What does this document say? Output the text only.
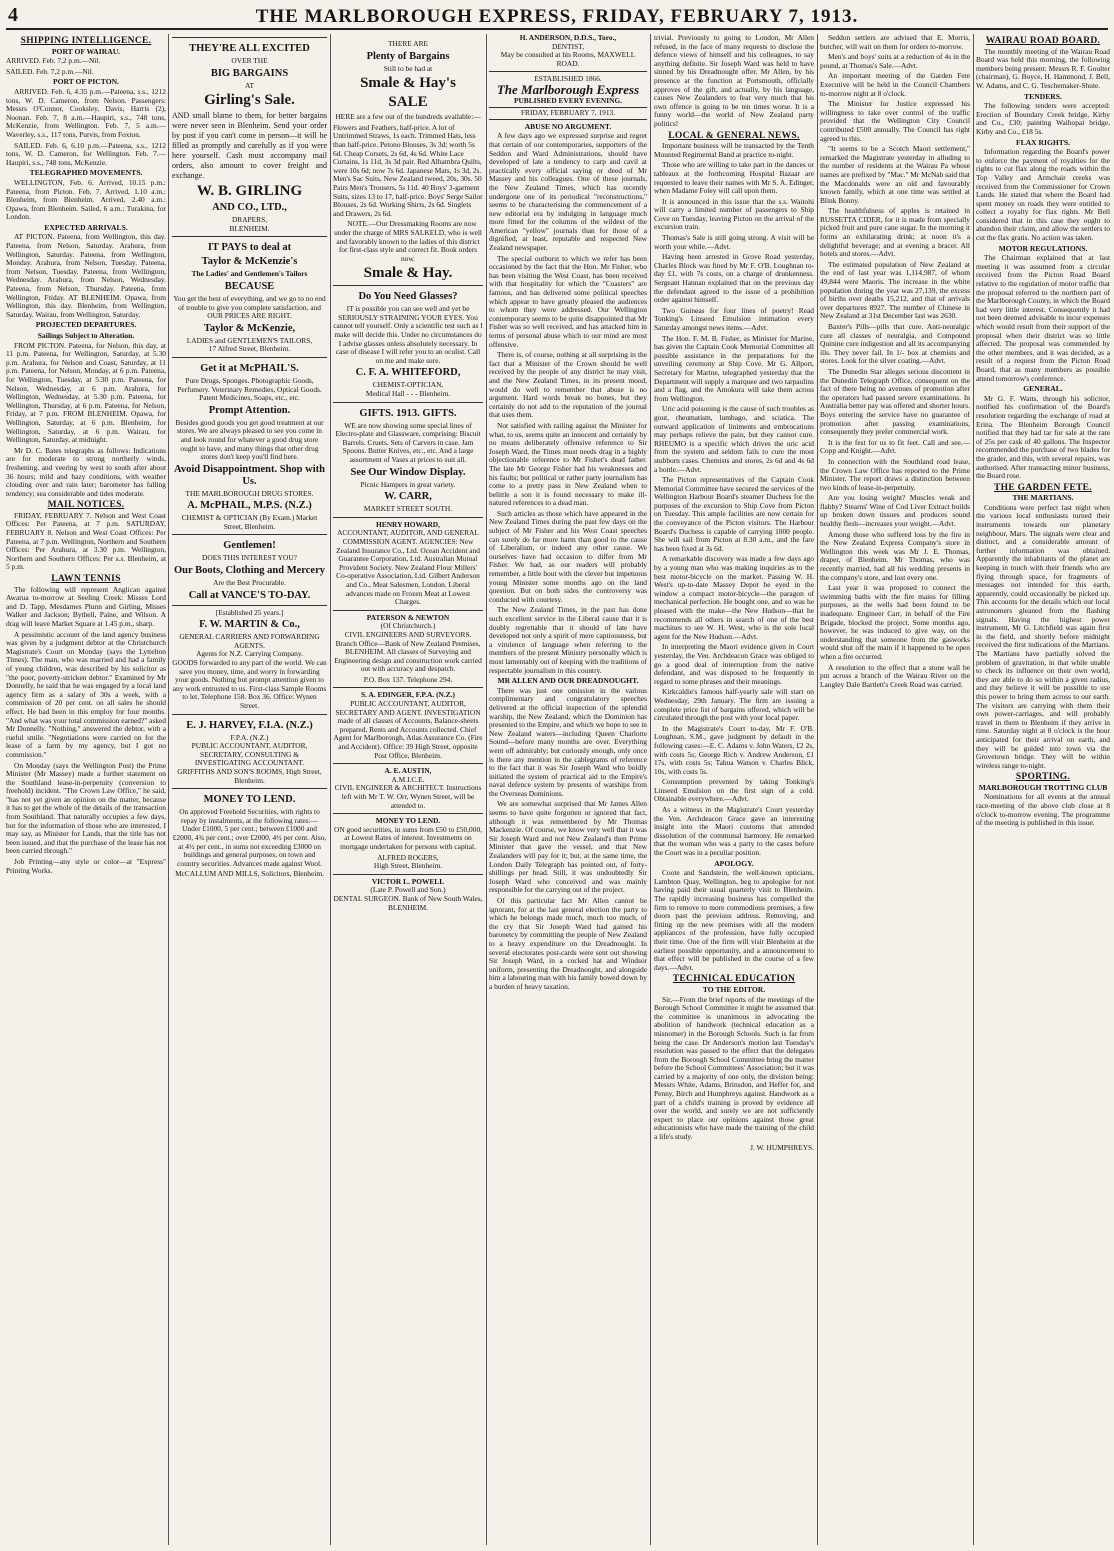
4	THE MARLBOROUGH EXPRESS, FRIDAY, FEBRUARY 7, 1913.
SHIPPING INTELLIGENCE.
PORT OF WAIRAU.

ARRIVED. Feb. 7,2 p.m.—Nil.

SAILED. Feb. 7,2 p.m.—Nil.

PORT OF PICTON.

ARRIVED. Feb. 6, 4.35 p.m.—Pateena, s.s., 1212 tons, W. D. Cameron, from Nelson. Passengers: Messrs O'Connor, Cooksley, Davis, Harris (2), Noonan. Feb. 7, 8 a.m.—Haupiri, s.s., 748 tons, McKenzie, from Wellington. Feb. 7, 5 a.m.—Waverley, s.s., 117 tons, Purvis, from Foxton.

SAILED. Feb. 6, 6.10 p.m.—Pateena, s.s., 1212 tons, W. D. Cameron, for Wellington. Feb. 7.—Haupiri, s.s., 748 tons, McKenzie.

TELEGRAPHED MOVEMENTS.

WELLINGTON, Feb. 6. Arrived, 10.15 p.m.: Pateena, from Picton. Feb. 7. Arrived, 1.10 a.m.: Blenheim, from Blenheim. Arrived, 2.40 a.m.: Opawa, from Blenheim. Sailed, 6 a.m.: Turakina, for London.

EXPECTED ARRIVALS.

AT PICTON. Pateena, from Wellington, this day. Pateena, from Nelson, Saturday. Arahura, from Wellington, Saturday. Pateena, from Wellington, Monday. Arahura, from Nelson, Tuesday. Pateena, from Nelson, Tuesday. Pateena, from Wellington, Wednesday. Arahura, from Nelson, Wednesday. Pateena, from Nelson, Thursday. Pateena, from Wellington, Friday. AT BLENHEIM. Opawa, from Wellington, this day. Blenheim, from Wellington, Saturday. Wairau, from Wellington, Saturday.

PROJECTED DEPARTURES.
Sailings Subject to Alteration.

FROM PICTON. Pateena, for Nelson, this day, at 11 p.m. Pateena, for Wellington, Saturday, at 5.30 p.m. Arahura, for Nelson and Coast, Saturday, at 11 p.m. Pateena, for Nelson, Monday, at 6 p.m. Pateena, for Wellington, Tuesday, at 5.30 p.m. Pateena, for Nelson, Wednesday, at 6 p.m. Arahura, for Wellington, Wednesday, at 5.30 p.m. Pateena, for Wellington, Thursday, at 6 p.m. Pateena, for Nelson, Friday, at 7 p.m. FROM BLENHEIM. Opawa, for Wellington, Saturday, at 6 p.m. Blenheim, for Wellington, Saturday, at 6 p.m. Wairau, for Wellington, Saturday, at midnight.

Mr D. C. Bates telegraphs as follows: Indications are for moderate to strong northerly winds, freshening, and veering by west to south after about 36 hours; mild and hazy conditions, with weather clouding over and rain later; barometer has falling tendency; sea considerable and tides moderate.

MAIL NOTICES.

FRIDAY, FEBRUARY 7. Nelson and West Coast Offices: Per Pateena, at 7 p.m. SATURDAY, FEBRUARY 8. Nelson and West Coast Offices: Per Pateena, at 7 p.m. Wellington, Northern and Southern Offices: Per Arahura, at 3.30 p.m. Wellington, Northern and Southern Offices: Per s.s. Blenheim, at 5 p.m.

LAWN TENNIS

The following will represent Anglican against Awarua to-morrow at Seeling Creek: Misses Lord and D. Tapp, Mesdames Plunn and Girling, Misses Walker and Jackson; Bythell, Paine, and Wilson. A drag will leave Market Square at 1.45 p.m., sharp.

A pessimistic account of the land agency business was given by a judgment debtor at the Christchurch Magistrate's Court on Monday (says the Lyttelton Times). The man, who was married and had a family of young children, was described by his solicitor as "the poor, poverty-stricken debtor." Examined by Mr Donnelly, he said that he was engaged by a local land agency firm as a salary of 30s a week, with a commission of 20 per cent. on all sales he should effect. He had been in this employ for four months. "And what was your total commission earned?" asked Mr Donnelly. "Nothing," answered the debtor, with a rueful smile. "Negotiations were carried on for the lease of a farm by my agency, but I got no commission."

On Monday (says the Wellington Post) the Prime Minister (Mr Massey) made a further statement on the Southland lease-in-perpetuity (conversion to freehold) incident. "The Crown Law Office," he said, "has not yet given an opinion on the matter, because it has to get the whole of the details of the transaction from Southland. That naturally occupies a few days, but for the information of those who are interested, I may say, as Minister for Lands, that the title has not been issued, and that the purchase of the lease has not been carried through."

Job Printing—any style or color—at "Express" Printing Works.

THEY'RE ALL EXCITED
OVER THE
BIG BARGAINS
AT
Girling's Sale.

AND small blame to them, for better bargains were never seen in Blenheim. Send your order by post if you can't come in person—it will be filled as promptly and carefully as if you were here yourself. Cash must accompany mail orders, also amount to cover freight and exchange.

W. B. GIRLING
AND CO., LTD.,
DRAPERS,
BLENHEIM.
IT PAYS to deal at
Taylor & McKenzie's
The Ladies' and Gentlemen's Tailors
BECAUSE

You get the best of everything, and we go to no end of trouble to give you complete satisfaction, and OUR PRICES ARE RIGHT.

Taylor & McKenzie,
LADIES and GENTLEMEN'S TAILORS,
17 Alfred Street, Blenheim.
Get it at McPHAIL'S.

Pure Drugs, Sponges. Photographic Goods, Perfumery. Veterinary Remedies, Optical Goods. Patent Medicines, Soaps, etc., etc.

Prompt Attention.

Besides good goods you get good treatment at our stores. We are always pleased to see you come in and look round for whatever a good drug store ought to have, and many things that other drug stores don't keep you'll find here.

Avoid Disappointment. Shop with Us.
THE MARLBOROUGH DRUG STORES.
A. McPHAIL, M.P.S. (N.Z.)
CHEMIST & OPTICIAN (By Exam.) Market Street, Blenheim.
Gentlemen!
DOES THIS INTEREST YOU?
Our Boots, Clothing and Mercery
Are the Best Procurable.
Call at VANCE'S TO-DAY.
[Established 25 years.]
F. W. MARTIN & Co.,
GENERAL CARRIERS AND FORWARDING AGENTS.
Agents for N.Z. Carrying Company.

GOODS forwarded to any part of the world. We can save you money, time, and worry in forwarding your goods. Nothing but prompt attention given to any work entrusted to us. First-class Sample Rooms to let. Telephone 158. Box 36. Office: Wynen Street.

E. J. HARVEY, F.I.A. (N.Z.)
F.P.A. (N.Z.)
PUBLIC ACCOUNTANT, AUDITOR, SECRETARY, CONSULTING & INVESTIGATING ACCOUNTANT.
GRIFFITHS AND SON'S ROOMS, High Street, Blenheim.
MONEY TO LEND.

On approved Freehold Securities, with rights to repay by instalments, at the following rates:—Under £1000, 5 per cent.; between £1000 and £2000, 4¾ per cent.; over £2000, 4½ per cent. Also, at 4½ per cent., in sums not exceeding £3000 on buildings and general purposes, on town and country securities. Advances made against Wool.

McCALLUM AND MILLS, Solicitors, Blenheim.
THERE ARE
Plenty of Bargains
Still to be had at
Smale & Hay's
SALE

HERE are a few out of the hundreds available:—

Flowers and Feathers, half-price. A lot of Untrimmed Straws, 1s each. Trimmed Hats, less than half-price. Petono Blouses, 3s 3d; worth 5s 6d. Cheap Corsets, 2s 6d, 4s 6d. White Lace Curtains, 1s 11d, 3s 3d pair. Red Alhambra Quilts, were 10s 6d; now 7s 6d. Japanese Mats, 1s 3d, 2s. Men's Sac Suits, New Zealand tweed, 20s, 30s. 50 Pairs Men's Trousers, 5s 11d. 40 Boys' 3-garment Suits, sizes 13 to 17, half-price. Boys' Serge Sailor Blouses, 2s 6d. Working Shirts, 2s 6d. Singlets and Drawers, 2s 6d.

NOTE.—Our Dressmaking Rooms are now under the charge of MRS SALKELD, who is well and favorably known to the ladies of this district for first-class style and correct fit. Book orders now.

Smale & Hay.
Do You Need Glasses?

IT is possible you can see well and yet be SERIOUSLY STRAINING YOUR EYES. You cannot tell yourself. Only a scientific test such as I make will decide this. Under no circumstances do I advise glasses unless absolutely necessary. In case of disease I will refer you to an oculist. Call on me and make sure.

C. F. A. WHITEFORD,
CHEMIST-OPTICIAN,
Medical Hall - - - Blenheim.
GIFTS. 1913. GIFTS.

WE are now showing some special lines of Electro-plate and Glassware, comprising: Biscuit Barrels. Cruets. Sets of Carvers in case. Jam Spoons. Butter Knives, etc., etc. And a large assortment of Vases at prices to suit all.

See Our Window Display.
Picnic Hampers in great variety.
W. CARR,
MARKET STREET SOUTH.
HENRY HOWARD,

ACCOUNTANT, AUDITOR, AND GENERAL COMMISSION AGENT. AGENCIES: New Zealand Insurance Co., Ltd. Ocean Accident and Guarantee Corporation, Ltd. Australian Mutual Provident Society. New Zealand Flour Millers' Co-operative Association, Ltd. Gilbert Anderson and Co., Meat Salesmen, London. Liberal advances made on Frozen Meat at Lowest Charges.

PATERSON & NEWTON
(Of Christchurch.)

CIVIL ENGINEERS AND SURVEYORS. Branch Office—Bank of New Zealand Premises, BLENHEIM. All classes of Surveying and Engineering design and construction work carried out with accuracy and despatch.

P.O. Box 137. Telephone 294.
S. A. EDINGER, F.P.A. (N.Z.)

PUBLIC ACCOUNTANT, AUDITOR, SECRETARY AND AGENT. INVESTIGATION made of all classes of Accounts, Balance-sheets prepared, Rents and Accounts collected. Chief Agent for Marlborough, Atlas Assurance Co. (Fire and Accident). Office: 39 High Street, opposite Post Office, Blenheim.

A. E. AUSTIN,
A.M.I.C.E.

CIVIL ENGINEER & ARCHITECT. Instructions left with Mr T. W. Orr, Wynen Street, will be attended to.

MONEY TO LEND.

ON good securities, in sums from £50 to £50,000, at Lowest Rates of interest. Investments on mortgage undertaken for persons with capital.

ALFRED ROGERS,
High Street, Blenheim.
VICTOR L. POWELL
(Late P. Powell and Son.)

DENTAL SURGEON. Bank of New South Wales, BLENHEIM.

H. ANDERSON, D.D.S., Toro.,
DENTIST,
May be consulted at his Rooms, MAXWELL ROAD.
ESTABLISHED 1866.
The Marlborough Express
PUBLISHED EVERY EVENING.
FRIDAY, FEBRUARY 7, 1913.
ABUSE NO ARGUMENT.

A few days ago we expressed surprise and regret that certain of our contemporaries, supporters of the Seddon and Ward Administrations, should have developed of late a tendency to carp and cavil at practically every official saying or deed of Mr Massey and his colleagues. One of these journals, the New Zealand Times, which has recently undergone one of its periodical "reconstructions," seems to be characterising the commencement of a new editorial era by indulging in language much more fitted for the columns of the wildest of the American "yellow" journals than for those of a dignified, at least, reputable and respected New Zealand newspaper.

The special outburst to which we refer has been occasioned by the fact that the Hon. Mr Fisher, who has been visiting the West Coast, has been received with that hospitality for which the "Coasters" are famous, and has delivered some political speeches which appear to have greatly pleased the audiences to whom they were addressed. Our Wellington contemporary seems to be quite disappointed that Mr Fisher was so well received, and has attacked him in terms of personal abuse which to our mind are most offensive.

There is, of course, nothing at all surprising in the fact that a Minister of the Crown should be well received by the people of any district he may visit, and the New Zealand Times, in its present mood, would do well to remember that abuse is no argument. Hard words break no bones, but they certainly do not add to the reputation of the journal that uses them.

Not satisfied with railing against the Minister for what, to us, seems quite an innocent and certainly by no means deliberately offensive reference to Sir Joseph Ward, the Times must needs drag in a highly objectionable reference to Mr Fisher's dead father. The late Mr George Fisher had his weaknesses and his faults; but political or rather party journalism has come to a pretty pass in New Zealand when to belittle a son it is found necessary to make ill-natured references to a dead man.

Such articles as those which have appeared in the New Zealand Times during the past few days on the subject of Mr Fisher and his West Coast speeches can surely do far more harm than good to the cause of Liberalism, or indeed any other cause. We ourselves have had occasion to differ from Mr Fisher. We had, as our readers will probably remember, a little bout with the clever but impetuous young Minister some months ago on the land question. But on both sides the controversy was conducted with courtesy.

The New Zealand Times, in the past has done such excellent service in the Liberal cause that it is doubly regrettable that it should of late have developed not only a spirit of mere captiousness, but a virulence of language when referring to the members of the present Ministry personally which is most lamentably out of keeping with the traditions of respectable journalism in this country.

MR ALLEN AND OUR DREADNOUGHT.

There was just one omission in the various complimentary and congratulatory speeches delivered at the official inspection of the splendid warship, the New Zealand, which the Dominion has presented to the Empire, and which we hope to see in New Zealand waters—including Queen Charlotte Sound—before many months are over. Everything went off admirably; but curiously enough, only once is there any mention in the cablegrams of reference to the fact that it was Sir Joseph Ward who boldly initiated the system of practical aid to the Empire's naval defence system by presents of warships from the Overseas Dominions.

We are somewhat surprised that Mr James Allen seems to have quite forgotten or ignored that fact, although it was remembered by Mr Thomas Mackenzie. Of course, we know very well that it was Sir Joseph Ward and not New Zealand's then Prime Minister that gave the vessel, and that New Zealanders will pay for it; but, at the same time, the London Daily Telegraph has pointed out, of forty-shillings per head. Still, it was undoubtedly Sir Joseph Ward who conceived and was mainly responsible for the carrying out of the project.

Of this particular fact Mr Allen cannot be ignorant, for at the last general election the party to which he belongs made much, much too much, of the cry that Sir Joseph Ward had gained his baronetcy by committing the people of New Zealand to a heavy expenditure on the Dreadnought. In several electorates post-cards were sent out showing Sir Joseph Ward, in a cocked hat and Windsor uniform, presenting the Dreadnought, and alongside him a labouring man with his family bowed down by a burden of heavy taxation.

trivial. Previously to going to London, Mr Allen refused, in the face of many requests to disclose the defence views of himself and his colleagues, to say anything definite. Sir Joseph Ward was held to have sinned by his Dreadnought offer. Mr Allen, by his presence at the function at Portsmouth, officially approves of the gift, and actually, by his language, causes New Zealanders to fear very much that his own offence is going to be ten times worse. It is a funny world—the world of New Zealand party politics!

LOCAL & GENERAL NEWS.

Important business will be transacted by the Tenth Mounted Regimental Band at practice to-night.

Those who are willing to take part in the dances or tableaux at the forthcoming Hospital Bazaar are requested to leave their names with Mr S. A. Edinger, when Madame Foley will call upon them.

It is announced in this issue that the s.s. Waitohi will carry a limited number of passengers to Ship Cove on Tuesday, leaving Picton on the arrival of the excursion train.

Thomas's Sale is still going strong. A visit will be worth your while.—Advt.

Having been arrested in Grove Road yesterday, Charles Block was fined by Mr F. O'B. Loughnan to-day £1, with 7s costs, on a charge of drunkenness. Sergeant Hannan explained that on the previous day the defendant agreed to the issue of a prohibition order against himself.

Two Guineas for four lines of poetry! Read Tonking's Linseed Emulsion intimation every Saturday amongst news items.—Advt.

The Hon. F. M. B. Fisher, as Minister for Marine, has given the Captain Cook Memorial Committee all possible assistance in the preparations for the unveiling ceremony at Ship Cove. Mr G. Allport, Secretary for Marine, telegraphed yesterday that the Department will supply a marquee and two tarpaulins and a flag, and the Amokura will take them across from Wellington.

Uric acid poisoning is the cause of such troubles as gout, rheumatism, lumbago, and sciatica. The outward application of liniments and embrocations may perhaps relieve the pain, but they cannot cure. RHEUMO is a specific which drives the uric acid from the system and seldom fails to cure the most stubborn cases. Chemists and stores, 2s 6d and 4s 6d a bottle.—Advt.

The Picton representatives of the Captain Cook Memorial Committee have secured the services of the Wellington Harbour Board's steamer Duchess for the purposes of the excursion to Ship Cove from Picton on Tuesday. This ample facilities are now certain for the conveyance of the Picton visitors. The Harbour Board's Duchess is capable of carrying 1000 people. She will sail from Picton at 8.30 a.m., and the fare has been fixed at 3s 6d.

A remarkable discovery was made a few days ago by a young man who was making inquiries as to the best motor-bicycle on the market. Passing W. H. West's up-to-date Massey Depot he eyed in the window a compact motor-bicycle—the paragon of mechanical perfection. He bought one, and so was he pleased with the make—the New Hudson—that he recommends all others in search of one of the best machines to see W. H. West, who is the sole local agent for the New Hudson.—Advt.

In interpreting the Maori evidence given in Court yesterday, the Ven. Archdeacon Grace was obliged to go a good deal of interruption from the native defendant, and was disposed to be frequently in regard to some phrases and their meanings.

Kirkcaldie's famous half-yearly sale will start on Wednesday, 29th January. The firm are issuing a complete price list of bargains offered, which will be circulated through the post with your local paper.

In the Magistrate's Court to-day, Mr F. O'B. Loughnan, S.M., gave judgment by default in the following cases:—E. C. Adams v. John Waters, £2 2s, with costs 5s; George Rich v. Andrew Anderson, £1 17s, with costs 5s; Tahua Watson v. Charles Blick, 10s, with costs 5s.

Consumption prevented by taking Tonking's Linseed Emulsion on the first sign of a cold. Obtainable everywhere.—Advt.

As a witness in the Magistrate's Court yesterday the Ven. Archdeacon Grace gave an interesting insight into the Maori customs that attended dissolution of the communal harmony. He remarked that the woman who was a party to the cases before the Court was in a peculiar position.

APOLOGY.

Coote and Sandstein, the well-known opticians, Lambton Quay, Wellington, beg to apologise for not having paid their usual quarterly visit to Blenheim. The rapidly increasing business has compelled the firm to remove to more commodious premises, a few doors past the previous address. Removing, and fitting up the new premises with all the modern appliances of the profession, have fully occupied their time. One of the firm will visit Blenheim at the earliest possible opportunity, and a announcement to that effect will be published in the course of a few days.—Advt.

TECHNICAL EDUCATION
TO THE EDITOR.

Sir,—From the brief reports of the meetings of the Borough School Committee it might be assumed that the committee is unanimous in advocating the abolition of handwork (technical education as a misnomer) in the Borough Schools. Such is far from being the case. Dr Anderson's motion last Tuesday's resolution was passed to the effect that the delegates from the Borough School Committee bring the matter before the School Committees' Association; but it was carried by a majority of one only, the division being: Messrs White, Adams, Brinsdon, and Heffer for, and Penny, Birch and Humphreys against. Handwork as a part of a child's training is proved by evidence all over the world, and surely we are not sufficiently expert to place our opinions against those great educationists who have made the training of the child a life's study.

J. W. HUMPHREYS.

Seddon settlers are advised that E. Morris, butcher, will wait on them for orders to-morrow.

Men's and boys' suits at a reduction of 4s in the pound, at Thomas's Sale.—Advt.

An important meeting of the Garden Fete Executive will be held in the Council Chambers to-morrow night at 8 o'clock.

The Minister for Justice expressed his willingness to take over control of the traffic provided that the Wellington City Council contributed £500 annually. The Council has right agreed to this.

"It seems to be a Scotch Maori settlement," remarked the Magistrate yesterday in alluding to the number of residents at the Wairau Pa whose names are prefixed by "Mac." Mr McNab said that the Macdonalds were an old and favourably known family, which at one time was settled at Blink Bonny.

The healthfulness of apples is retained in RUSSETTA CIDER, for it is made from specially picked fruit and pure cane sugar. In the morning it forms an exhilarating drink; at noon it's a delightful beverage; and at evening a bracer. All hotels and stores.—Advt.

The estimated population of New Zealand at the end of last year was 1,114,987, of whom 49,844 were Maoris. The increase in the white population during the year was 27,139, the excess of births over deaths 15,212, and that of arrivals over departures 8927. The number of Chinese in New Zealand at 31st December last was 2630.

Baxter's Pills—pills that cure. Anti-neuralgic cure all classes of neuralgia, and Compound Quinine cure indigestion and all its accompanying ills. They never fail. In 1/- box at chemists and stores. Look for the silver coating.—Advt.

The Dunedin Star alleges serious discontent in the Dunedin Telegraph Office, consequent on the fact of there being no avenues of promotion after the operators had passed severe examinations. In Australia better pay was offered and shorter hours. Boys entering the service have no guarantee of promotion after passing examinations, consequently they prefer commercial work.

It is the fest for us to fit feet. Call and see.—Copp and Knight.—Advt.

In connection with the Southland road lease, the Crown Law Office has reported to the Prime Minister. The report draws a distinction between two kinds of lease-in-perpetuity.

Are you losing weight? Muscles weak and flabby? Stearns' Wine of Cod Liver Extract builds up broken down tissues and produces sound healthy flesh—increases your weight.—Advt.

Among those who suffered loss by the fire in the New Zealand Express Company's store in Wellington this week was Mr J. E. Thomas, draper, of Blenheim. Mr Thomas, who was recently married, had all his wedding presents in the company's store, and lost every one.

Last year it was proposed to connect the swimming baths with the fire mains for filling purposes, as the wells had been found to be inadequate. Engineer Carr, in behalf of the Fire Brigade, blocked the project. Some months ago, however, he was induced to give way, on the understanding that someone from the gasworks would shut off the main if it happened to be open when a fire occurred.

A resolution to the effect that a stone wall be put across a branch of the Wairau River on the Langley Dale Bartlett's Creek Road was carried.

WAIRAU ROAD BOARD.

The monthly meeting of the Wairau Road Board was held this morning, the following members being present: Messrs R. F. Goulter (chairman), G. Boyce, H. Hammond, J. Bell, W. Adams, and C. G. Teschemaker-Shute.

TENDERS.

The following tenders were accepted: Erection of Boundary Creek bridge, Kirby and Co., £30; painting Waihopai bridge, Kirby and Co., £18 5s.

FLAX RIGHTS.

Information regarding the Board's power to enforce the payment of royalties for the rights to cut flax along the roads within the Top Valley and Armchair creeks was received from the Commissioner for Crown Lands. He stated that where the Board had spent money on roads they were entitled to collect a royalty for flax rights. Mr Bell considered that in this case they ought to abandon their claim, and allow the settlers to cut the flax gratis. No action was taken.

MOTOR REGULATIONS.

The Chairman explained that at last meeting it was assumed from a circular received from the Picton Road Board relative to the regulation of motor traffic that the proposal referred to the northern part of the Marlborough County, in which the Board had very little interest. Consequently it had not been deemed advisable to incur expenses which would result from their support of the proposal when their district was so little affected. The proposal was commended by the other members, and it was decided, as a result of a request from the Picton Road Board, that as many members as possible attend tomorrow's conference.

GENERAL.

Mr G. F. Watts, through his solicitor, notified his confirmation of the Board's resolution regarding the exchange of road at Erina. The Blenheim Borough Council notified that they had tar for sale at the rate of 25s per cask of 40 gallons. The Inspector recommended the purchase of two blades for the grader, and this, with several repairs, was authorised. After transacting minor business, the Board rose.

THE GARDEN FETE.
THE MARTIANS.

Conditions were perfect last night when the various local enthusiasts turned their instruments towards our planetary neighbour, Mars. The signals were clear and distinct, and a considerable amount of further information was obtained. Apparently the inhabitants of the planet are keeping in touch with their friends who are flying through space, for fragments of messages not intended for this earth, apparently, could occasionally be picked up. This accounts for the details which our local astronomers gleaned from the flashing signals. Having the highest power instrument, Mr G. Litchfield was again first in the field, and shortly before midnight received the first indications of the Martians. The Martians have partially solved the problem of gravitation, in that while unable to check its influence on their own world, they are able to do so within a given radius, and they believe it will be possible to use this power to bring them across to our earth. The visitors are carrying with them their own power-carriages, and will probably travel in them to Blenheim if they arrive in time. Saturday night at 8 o'clock is the hour anticipated for their arrival on earth, and they will be guided into town via the Grovetown bridge. They will be within wireless range to-night.

SPORTING.
MARLBOROUGH TROTTING CLUB

Nominations for all events at the annual race-meeting of the above club close at 8 o'clock to-morrow evening. The programme of the meeting is published in this issue.
